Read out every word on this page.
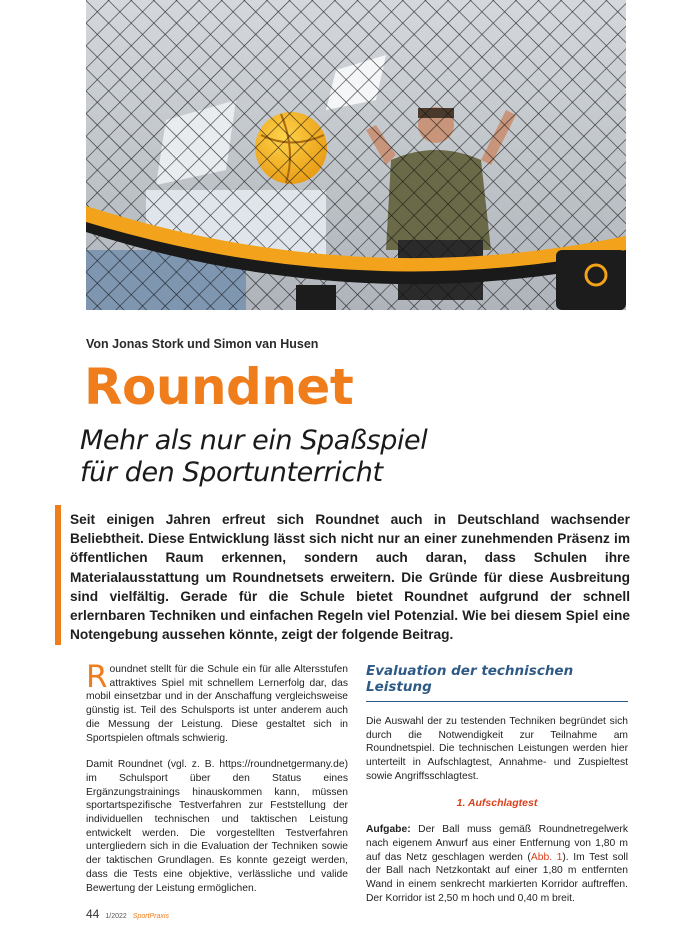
Von Jonas Stork und Simon van Husen
Roundnet
Mehr als nur ein Spaßspiel
für den Sportunterricht

Seit einigen Jahren erfreut sich Roundnet auch in Deutschland wachsender Beliebtheit. Diese Entwicklung lässt sich nicht nur an einer zunehmenden Präsenz im öffentlichen Raum erkennen, sondern auch daran, dass Schulen ihre Materialausstattung um Roundnetsets erweitern. Die Gründe für diese Ausbreitung sind vielfältig. Gerade für die Schule bietet Roundnet aufgrund der schnell erlernbaren Techniken und einfachen Regeln viel Potenzial. Wie bei diesem Spiel eine Notengebung aussehen könnte, zeigt der folgende Beitrag.

Roundnet stellt für die Schule ein für alle Altersstufen attraktives Spiel mit schnellem Lernerfolg dar, das mobil einsetzbar und in der Anschaffung vergleichsweise günstig ist. Teil des Schulsports ist unter anderem auch die Messung der Leistung. Diese gestaltet sich in Sportspielen oftmals schwierig.

Damit Roundnet (vgl. z. B. https://roundnetgermany.de) im Schulsport über den Status eines Ergänzungstrainings hinauskommen kann, müssen sportartspezifische Testverfahren zur Feststellung der individuellen technischen und taktischen Leistung entwickelt werden. Die vorgestellten Testverfahren untergliedern sich in die Evaluation der Techniken sowie der taktischen Grundlagen. Es konnte gezeigt werden, dass die Tests eine objektive, verlässliche und valide Bewertung der Leistung ermöglichen.

Evaluation der technischen Leistung

Die Auswahl der zu testenden Techniken begründet sich durch die Notwendigkeit zur Teilnahme am Roundnetspiel. Die technischen Leistungen werden hier unterteilt in Aufschlagtest, Annahme- und Zuspieltest sowie Angriffsschlagtest.

1. Aufschlagtest

Aufgabe: Der Ball muss gemäß Roundnetregelwerk nach eigenem Anwurf aus einer Entfernung von 1,80 m auf das Netz geschlagen werden (Abb. 1). Im Test soll der Ball nach Netzkontakt auf einer 1,80 m entfernten Wand in einem senkrecht markierten Korridor auftreffen. Der Korridor ist 2,50 m hoch und 0,40 m breit.

44 1/2022 SportPraxis
